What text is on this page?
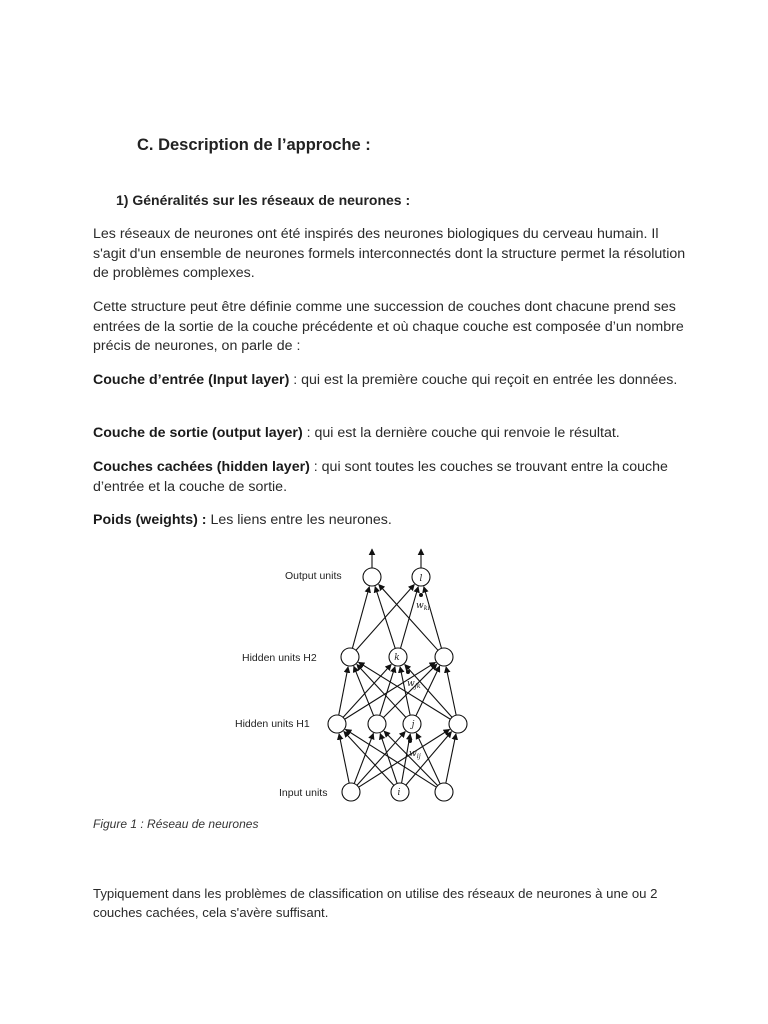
C. Description de l’approche :
1) Généralités sur les réseaux de neurones :

Les réseaux de neurones ont été inspirés des neurones biologiques du cerveau humain. Il s'agit d'un ensemble de neurones formels interconnectés dont la structure permet la résolution de problèmes complexes.

Cette structure peut être définie comme une succession de couches dont chacune prend ses entrées de la sortie de la couche précédente et où chaque couche est composée d’un nombre précis de neurones, on parle de :

Couche d’entrée (Input layer) : qui est la première couche qui reçoit en entrée les données.

Couche de sortie (output layer) : qui est la dernière couche qui renvoie le résultat.

Couches cachées (hidden layer) : qui sont toutes les couches se trouvant entre la couche d’entrée et la couche de sortie.

Poids (weights) : Les liens entre les neurones.

Output units
Hidden units H2
Hidden units H1
Input units
l
k
j
i
$w_{kl}$
$w_{jk}$
$w_{ij}$

Figure 1 : Réseau de neurones

Typiquement dans les problèmes de classification on utilise des réseaux de neurones à une ou 2 couches cachées, cela s'avère suffisant.
